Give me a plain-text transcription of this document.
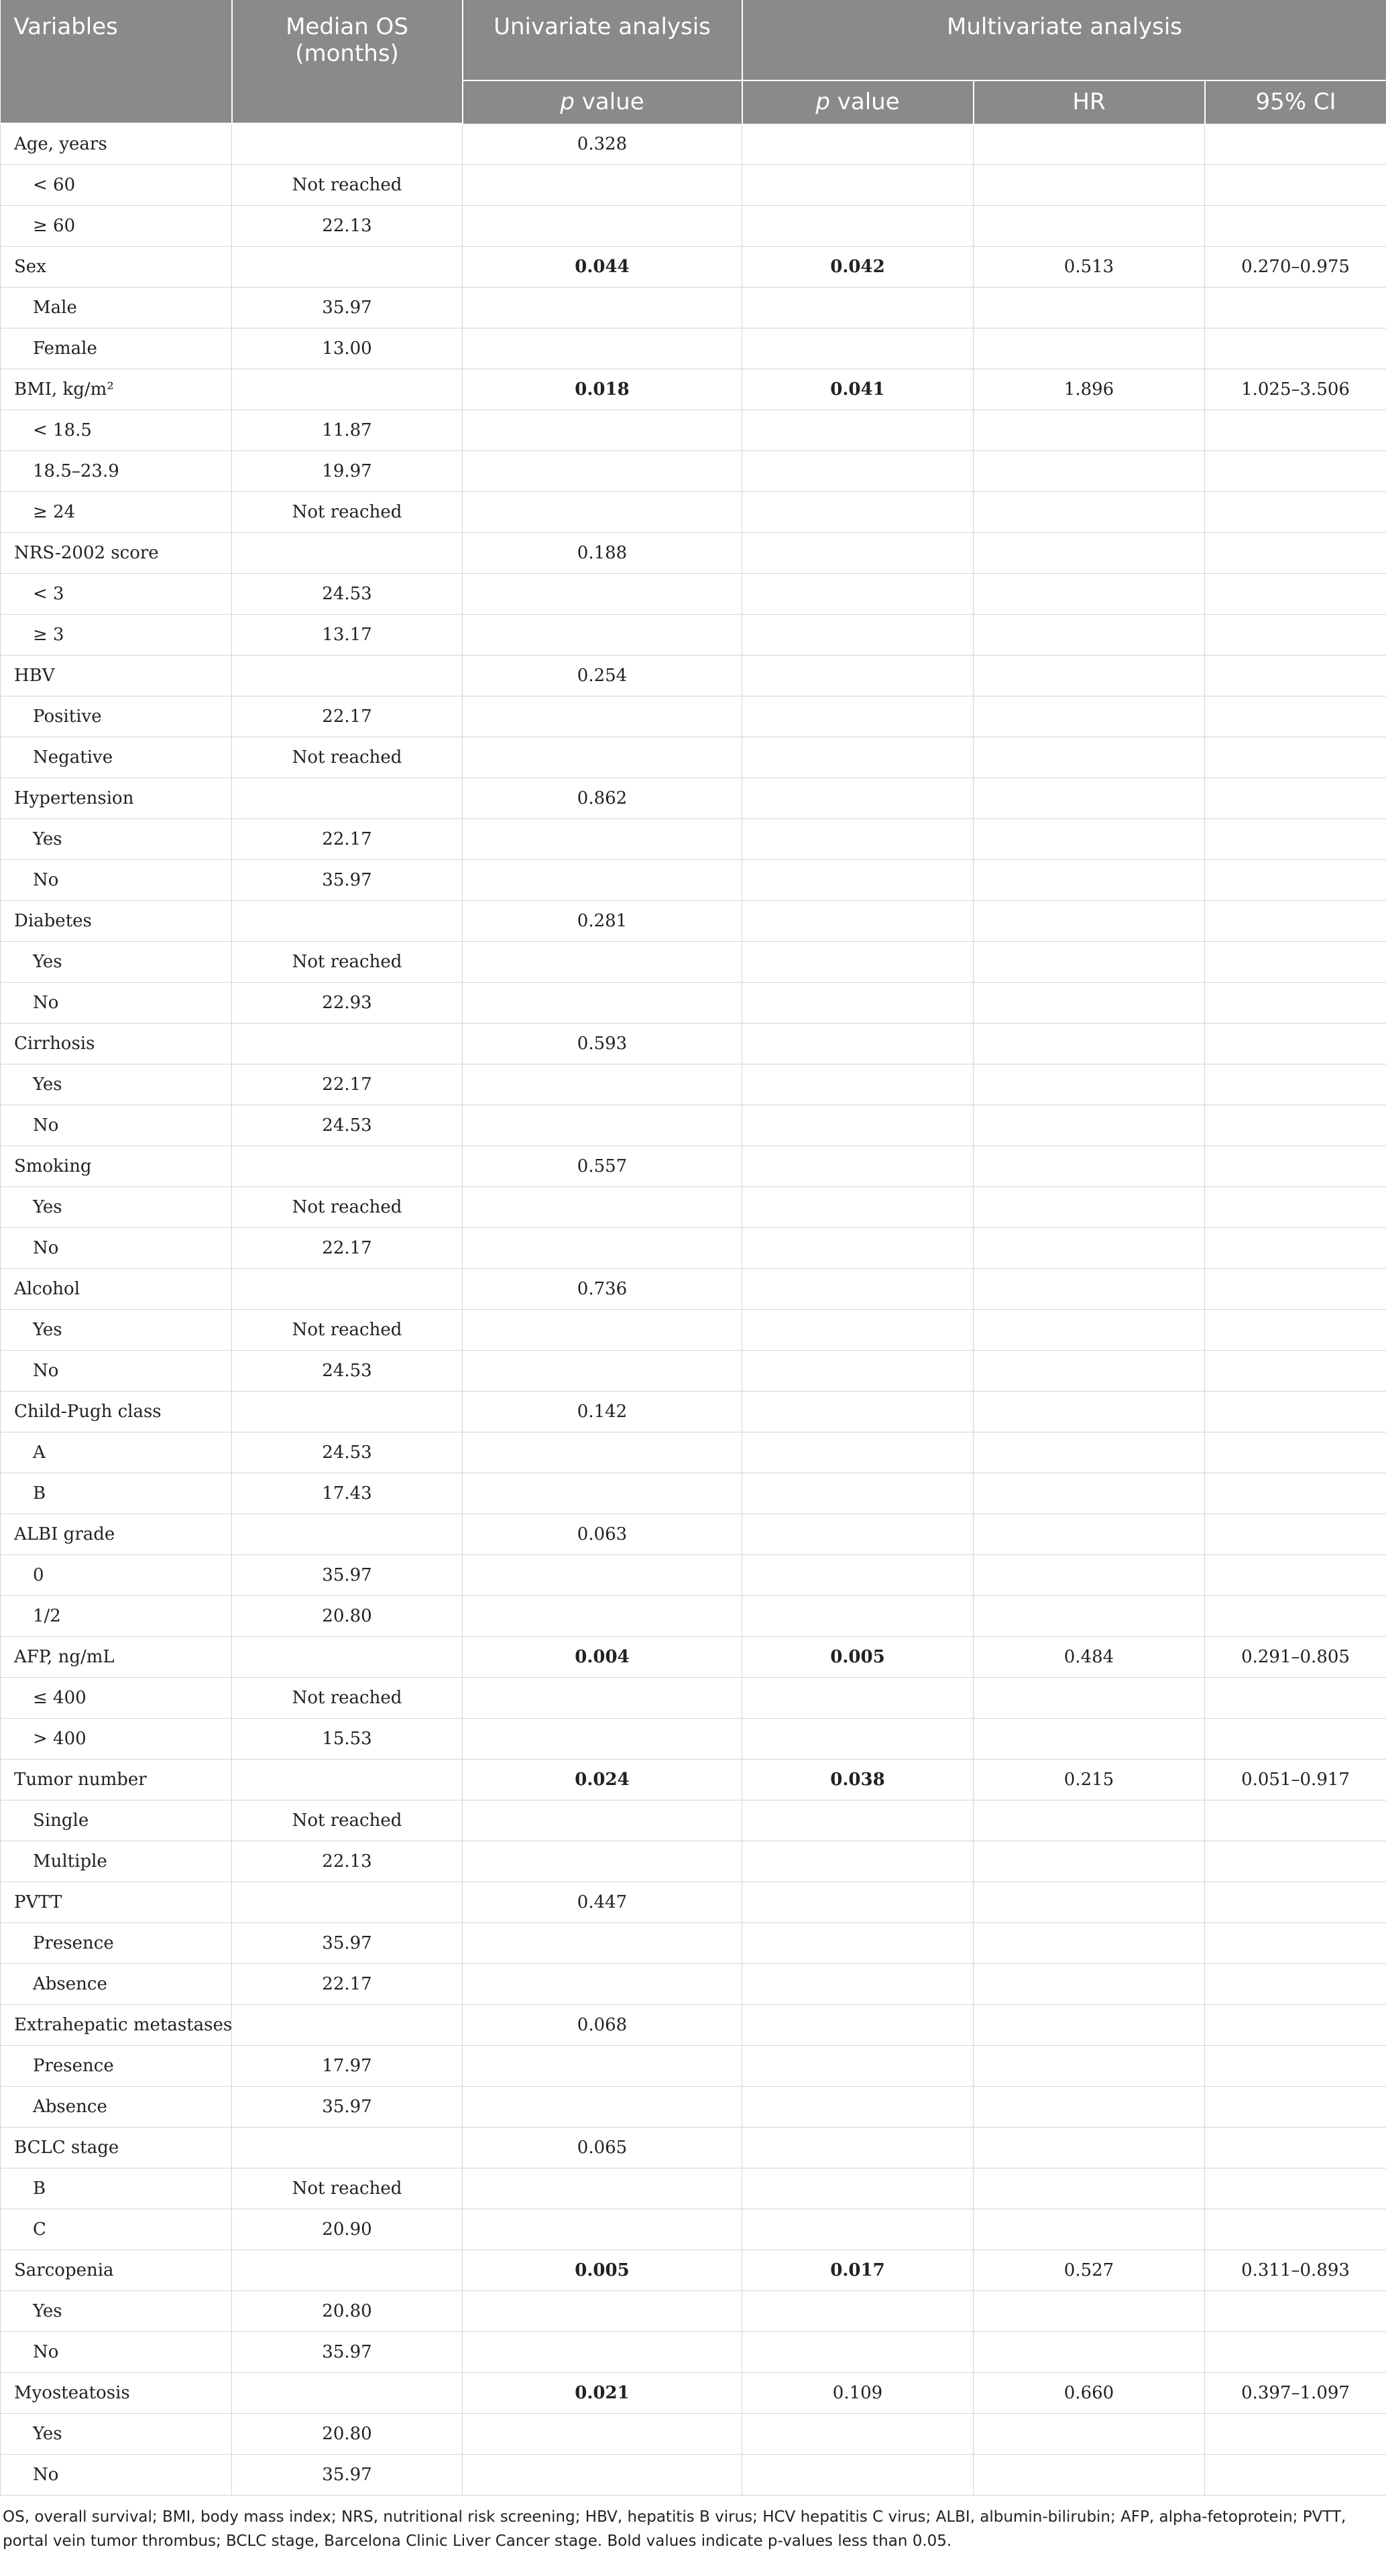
Variables	Median OS (months)	Univariate analysis	Multivariate analysis		
		p value	p value	HR	95% CI
Age, years		0.328			
< 60	Not reached				
≥ 60	22.13				
Sex		0.044	0.042	0.513	0.270–0.975
Male	35.97				
Female	13.00				
BMI, kg/m²		0.018	0.041	1.896	1.025–3.506
< 18.5	11.87				
18.5–23.9	19.97				
≥ 24	Not reached				
NRS-2002 score		0.188			
< 3	24.53				
≥ 3	13.17				
HBV		0.254			
Positive	22.17				
Negative	Not reached				
Hypertension		0.862			
Yes	22.17				
No	35.97				
Diabetes		0.281			
Yes	Not reached				
No	22.93				
Cirrhosis		0.593			
Yes	22.17				
No	24.53				
Smoking		0.557			
Yes	Not reached				
No	22.17				
Alcohol		0.736			
Yes	Not reached				
No	24.53				
Child-Pugh class		0.142			
A	24.53				
B	17.43				
ALBI grade		0.063			
0	35.97				
1/2	20.80				
AFP, ng/mL		0.004	0.005	0.484	0.291–0.805
≤ 400	Not reached				
> 400	15.53				
Tumor number		0.024	0.038	0.215	0.051–0.917
Single	Not reached				
Multiple	22.13				
PVTT		0.447			
Presence	35.97				
Absence	22.17				
Extrahepatic metastases		0.068			
Presence	17.97				
Absence	35.97				
BCLC stage		0.065			
B	Not reached				
C	20.90				
Sarcopenia		0.005	0.017	0.527	0.311–0.893
Yes	20.80				
No	35.97				
Myosteatosis		0.021	0.109	0.660	0.397–1.097
Yes	20.80				
No	35.97				
OS, overall survival; BMI, body mass index; NRS, nutritional risk screening; HBV, hepatitis B virus; HCV hepatitis C virus; ALBI, albumin-bilirubin; AFP, alpha-fetoprotein; PVTT, portal vein tumor thrombus; BCLC stage, Barcelona Clinic Liver Cancer stage. Bold values indicate p-values less than 0.05.
